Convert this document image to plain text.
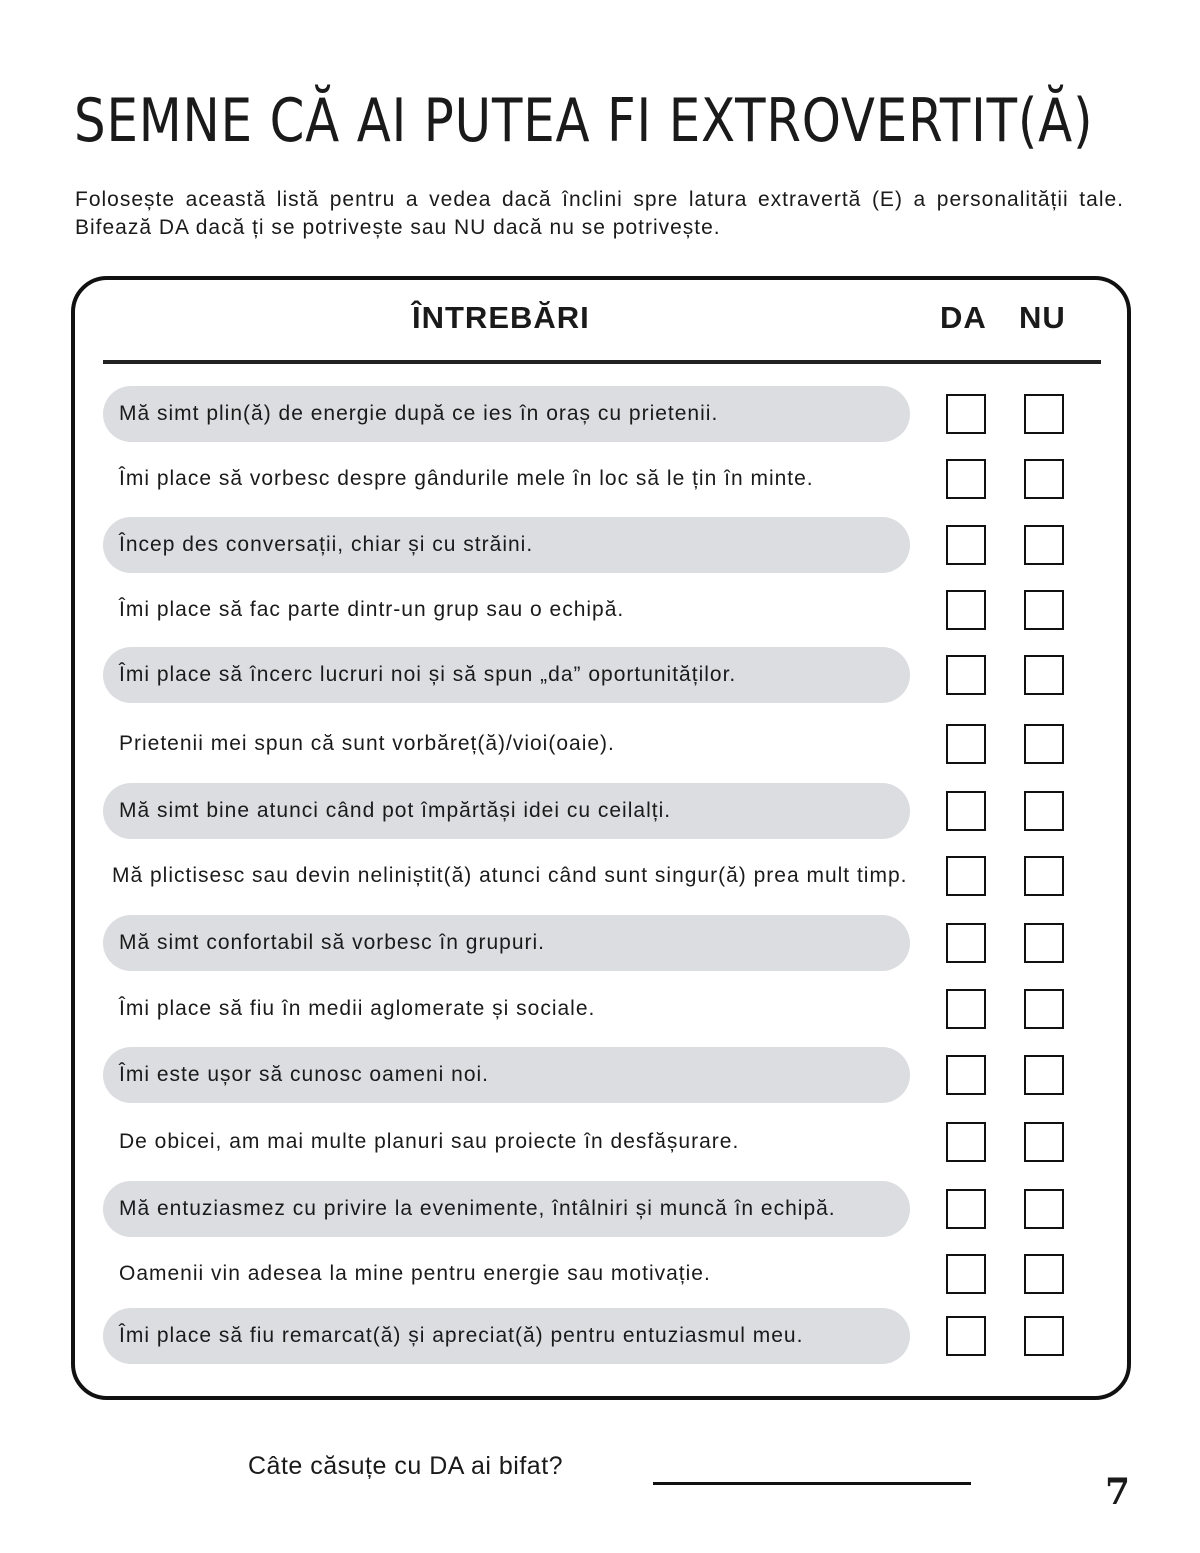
SEMNE CĂ AI PUTEA FI EXTROVERTIT(Ă)

Folosește această listă pentru a vedea dacă înclini spre latura extravertă (E) a personalității tale. Bifează DA dacă ți se potrivește sau NU dacă nu se potrivește.

ÎNTREBĂRI	DA NU
Mă simt plin(ă) de energie după ce ies în oraș cu prietenii.
Îmi place să vorbesc despre gândurile mele în loc să le țin în minte.
Încep des conversații, chiar și cu străini.
Îmi place să fac parte dintr-un grup sau o echipă.
Îmi place să încerc lucruri noi și să spun „da” oportunităților.
Prietenii mei spun că sunt vorbăreț(ă)/vioi(oaie).
Mă simt bine atunci când pot împărtăși idei cu ceilalți.
Mă plictisesc sau devin neliniștit(ă) atunci când sunt singur(ă) prea mult timp.
Mă simt confortabil să vorbesc în grupuri.
Îmi place să fiu în medii aglomerate și sociale.
Îmi este ușor să cunosc oameni noi.
De obicei, am mai multe planuri sau proiecte în desfășurare.
Mă entuziasmez cu privire la evenimente, întâlniri și muncă în echipă.
Oamenii vin adesea la mine pentru energie sau motivație.
Îmi place să fiu remarcat(ă) și apreciat(ă) pentru entuziasmul meu.
Câte căsuțe cu DA ai bifat?
7
